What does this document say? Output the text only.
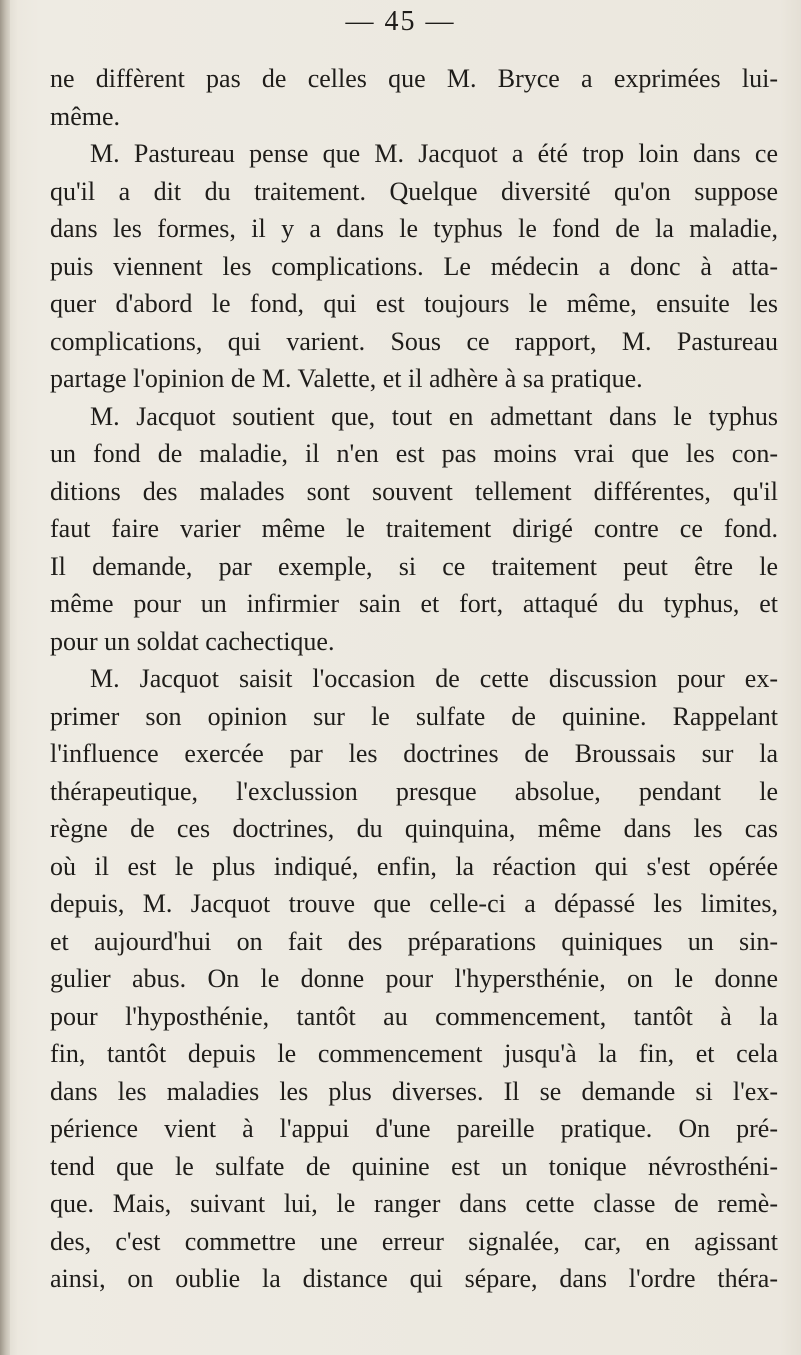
— 45 —
ne diffèrent pas de celles que M. Bryce a exprimées lui-
même.
M. Pastureau pense que M. Jacquot a été trop loin dans ce
qu'il a dit du traitement. Quelque diversité qu'on suppose
dans les formes, il y a dans le typhus le fond de la maladie,
puis viennent les complications. Le médecin a donc à atta-
quer d'abord le fond, qui est toujours le même, ensuite les
complications, qui varient. Sous ce rapport, M. Pastureau
partage l'opinion de M. Valette, et il adhère à sa pratique.
M. Jacquot soutient que, tout en admettant dans le typhus
un fond de maladie, il n'en est pas moins vrai que les con-
ditions des malades sont souvent tellement différentes, qu'il
faut faire varier même le traitement dirigé contre ce fond.
Il demande, par exemple, si ce traitement peut être le
même pour un infirmier sain et fort, attaqué du typhus, et
pour un soldat cachectique.
M. Jacquot saisit l'occasion de cette discussion pour ex-
primer son opinion sur le sulfate de quinine. Rappelant
l'influence exercée par les doctrines de Broussais sur la
thérapeutique, l'exclussion presque absolue, pendant le
règne de ces doctrines, du quinquina, même dans les cas
où il est le plus indiqué, enfin, la réaction qui s'est opérée
depuis, M. Jacquot trouve que celle-ci a dépassé les limites,
et aujourd'hui on fait des préparations quiniques un sin-
gulier abus. On le donne pour l'hypersthénie, on le donne
pour l'hyposthénie, tantôt au commencement, tantôt à la
fin, tantôt depuis le commencement jusqu'à la fin, et cela
dans les maladies les plus diverses. Il se demande si l'ex-
périence vient à l'appui d'une pareille pratique. On pré-
tend que le sulfate de quinine est un tonique névrosthéni-
que. Mais, suivant lui, le ranger dans cette classe de remè-
des, c'est commettre une erreur signalée, car, en agissant
ainsi, on oublie la distance qui sépare, dans l'ordre théra-
